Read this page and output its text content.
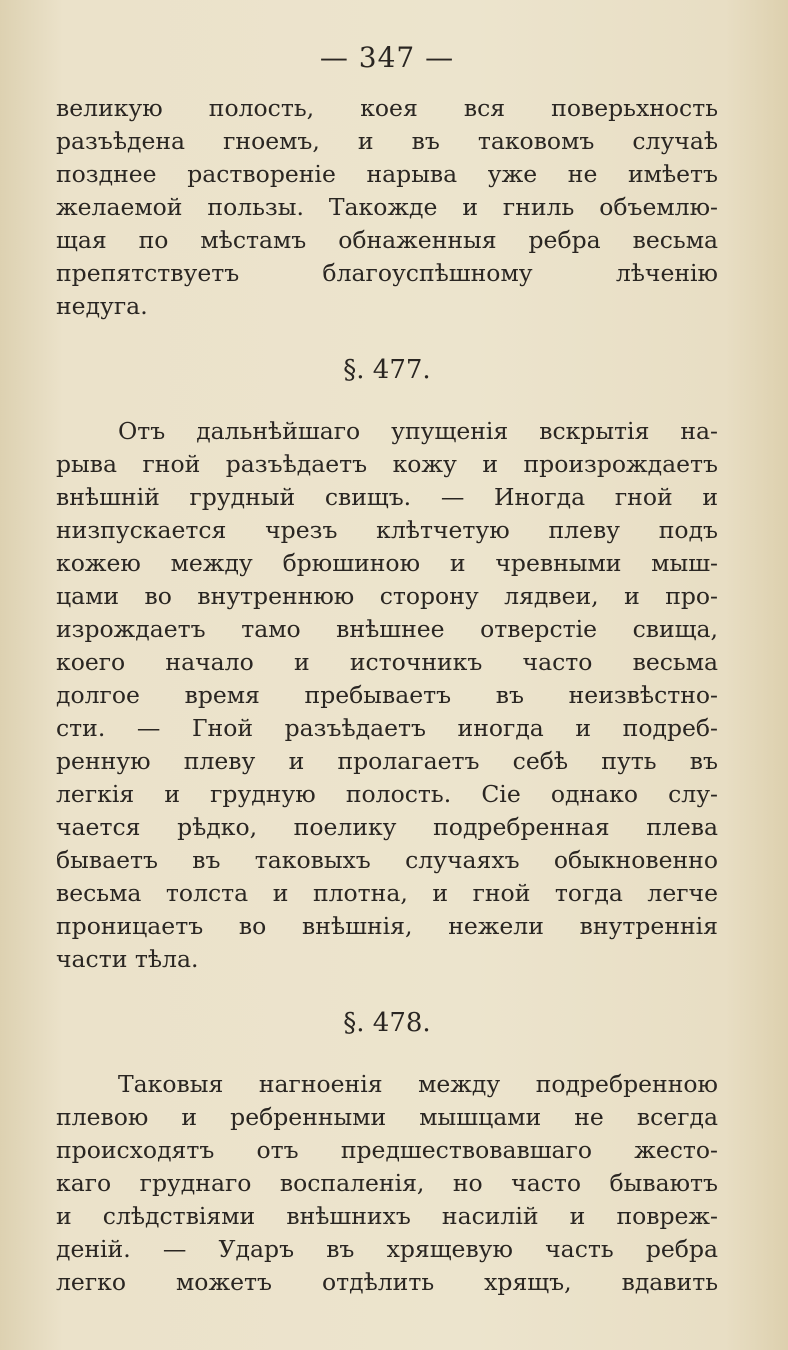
— 347 —
великую полость, коея вся поверьхность
разъѣдена гноемъ, и въ таковомъ случаѣ
позднее раствореніе нарыва уже не имѣетъ
желаемой пользы. Такожде и гниль объемлю-
щая по мѣстамъ обнаженныя ребра весьма
препятствуетъ благоуспѣшному лѣченію
недуга.
§. 477.
Отъ дальнѣйшаго упущенія вскрытія на-
рыва гной разъѣдаетъ кожу и произрождаетъ
внѣшній грудный свищъ. — Иногда гной и
низпускается чрезъ клѣтчетую плеву подъ
кожею между брюшиною и чревными мыш-
цами во внутреннюю сторону лядвеи, и про-
изрождаетъ тамо внѣшнее отверстіе свища,
коего начало и источникъ часто весьма
долгое время пребываетъ въ неизвѣстно-
сти. — Гной разъѣдаетъ иногда и подреб-
ренную плеву и пролагаетъ себѣ путь въ
легкія и грудную полость. Сіе однако слу-
чается рѣдко, поелику подребренная плева
бываетъ въ таковыхъ случаяхъ обыкновенно
весьма толста и плотна, и гной тогда легче
проницаетъ во внѣшнія, нежели внутреннія
части тѣла.
§. 478.
Таковыя нагноенія между подребренною
плевою и ребренными мышцами не всегда
происходятъ отъ предшествовавшаго жесто-
каго груднаго воспаленія, но часто бываютъ
и слѣдствіями внѣшнихъ насилій и повреж-
деній. — Ударъ въ хрящевую часть ребра
легко можетъ отдѣлить хрящъ, вдавить
